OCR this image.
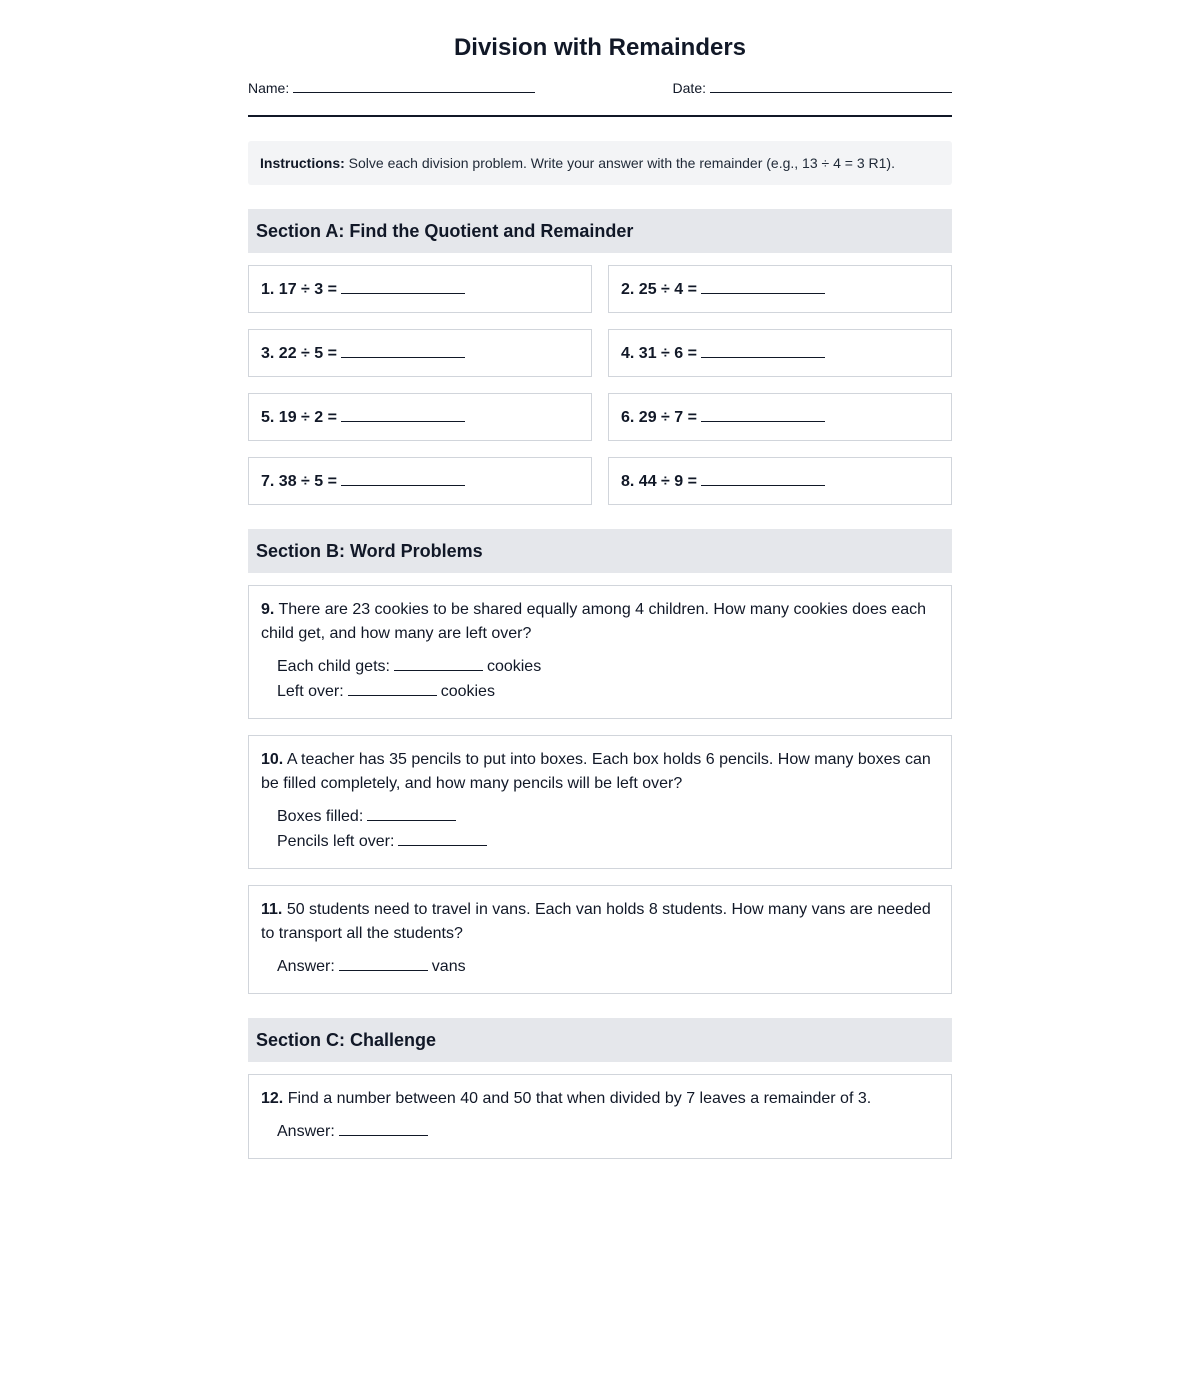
Division with Remainders
Name:	Date:
Instructions: Solve each division problem. Write your answer with the remainder (e.g., 13 ÷ 4 = 3 R1).
Section A: Find the Quotient and Remainder
1. 17 ÷ 3 =	2. 25 ÷ 4 =
3. 22 ÷ 5 =	4. 31 ÷ 6 =
5. 19 ÷ 2 =	6. 29 ÷ 7 =
7. 38 ÷ 5 =	8. 44 ÷ 9 =
Section B: Word Problems
9. There are 23 cookies to be shared equally among 4 children. How many cookies does each child get, and how many are left over?
Each child gets:	cookies
Left over:	cookies
10. A teacher has 35 pencils to put into boxes. Each box holds 6 pencils. How many boxes can be filled completely, and how many pencils will be left over?
Boxes filled:
Pencils left over:
11. 50 students need to travel in vans. Each van holds 8 students. How many vans are needed to transport all the students?
Answer:	vans
Section C: Challenge
12. Find a number between 40 and 50 that when divided by 7 leaves a remainder of 3.
Answer:
